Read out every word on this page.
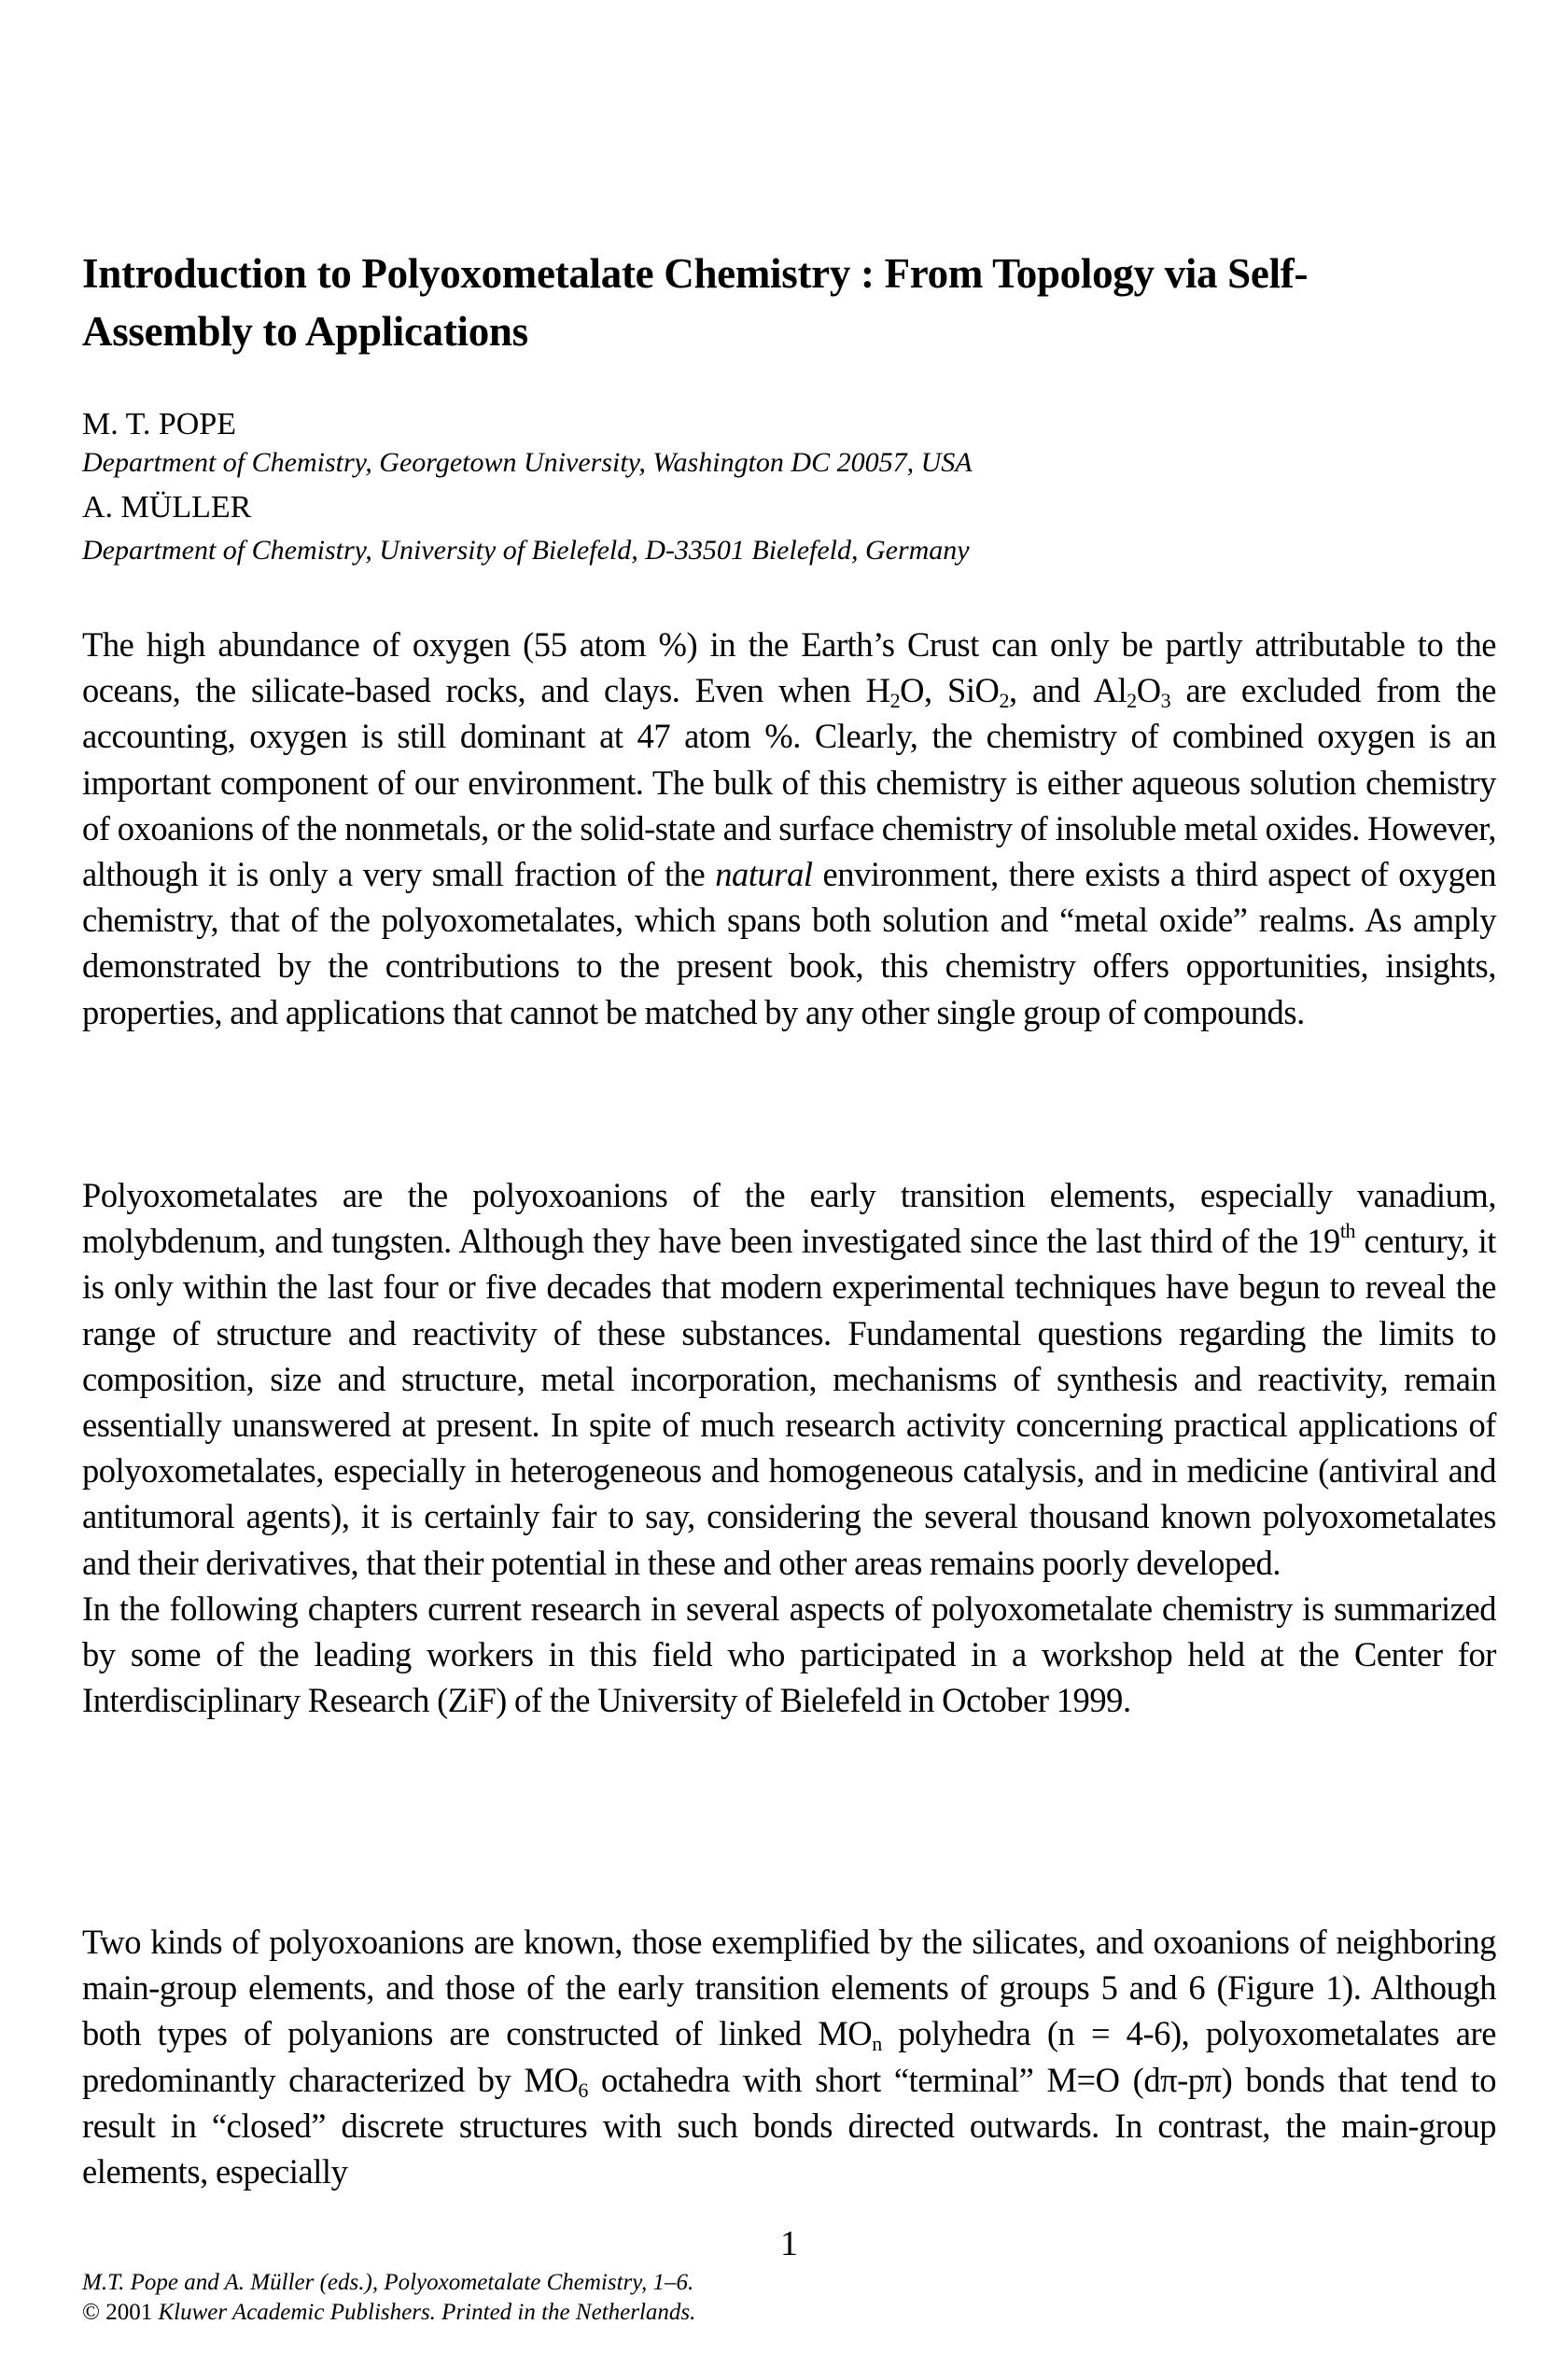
Introduction to Polyoxometalate Chemistry : From Topology via Self-
Assembly to Applications
M. T. POPE
Department of Chemistry, Georgetown University, Washington DC 20057, USA
A. MÜLLER
Department of Chemistry, University of Bielefeld, D-33501 Bielefeld, Germany

The high abundance of oxygen (55 atom %) in the Earth’s Crust can only be partly attributable to the oceans, the silicate-based rocks, and clays. Even when $H_2O$, SiO$_2$, and $Al_2O_3$ are excluded from the accounting, oxygen is still dominant at 47 atom %. Clearly, the chemistry of combined oxygen is an important component of our environment. The bulk of this chemistry is either aqueous solution chemistry of oxoanions of the nonmetals, or the solid-state and surface chemistry of insoluble metal oxides. However, although it is only a very small fraction of the natural environment, there exists a third aspect of oxygen chemistry, that of the polyoxometalates, which spans both solution and “metal oxide” realms. As amply demonstrated by the contributions to the present book, this chemistry offers opportunities, insights, properties, and applications that cannot be matched by any other single group of compounds.

Polyoxometalates are the polyoxoanions of the early transition elements, especially vanadium, molybdenum, and tungsten. Although they have been investigated since the last third of the 19th century, it is only within the last four or five decades that modern experimental techniques have begun to reveal the range of structure and reactivity of these substances. Fundamental questions regarding the limits to composition, size and structure, metal incorporation, mechanisms of synthesis and reactivity, remain essentially unanswered at present. In spite of much research activity concerning practical applications of polyoxometalates, especially in heterogeneous and homogeneous catalysis, and in medicine (antiviral and antitumoral agents), it is certainly fair to say, considering the several thousand known polyoxometalates and their derivatives, that their potential in these and other areas remains poorly developed.

In the following chapters current research in several aspects of polyoxometalate chemistry is summarized by some of the leading workers in this field who participated in a workshop held at the Center for Interdisciplinary Research (ZiF) of the University of Bielefeld in October 1999.

Two kinds of polyoxoanions are known, those exemplified by the silicates, and oxoanions of neighboring main-group elements, and those of the early transition elements of groups 5 and 6 (Figure 1). Although both types of polyanions are constructed of linked $MO_n$ polyhedra (n = 4-6), polyoxometalates are predominantly characterized by $MO_6$ octahedra with short “terminal” M=O (dπ-pπ) bonds that tend to result in “closed” discrete structures with such bonds directed outwards. In contrast, the main-group elements, especially

1
M.T. Pope and A. Müller (eds.), Polyoxometalate Chemistry, 1–6.
© 2001 Kluwer Academic Publishers. Printed in the Netherlands.
